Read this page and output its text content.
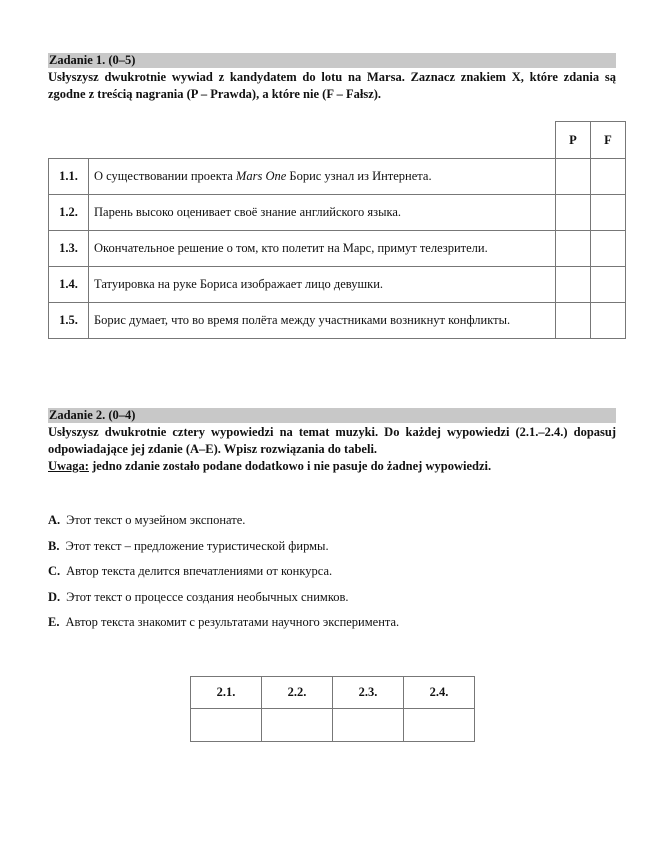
Zadanie 1. (0–5)

Usłyszysz dwukrotnie wywiad z kandydatem do lotu na Marsa. Zaznacz znakiem X, które zdania są zgodne z treścią nagrania (P – Prawda), a które nie (F – Fałsz).

		P	F
1.1.	О существовании проекта Mars One Борис узнал из Интернета.		
1.2.	Парень высоко оценивает своё знание английского языка.		
1.3.	Окончательное решение о том, кто полетит на Марс, примут телезрители.		
1.4.	Татуировка на руке Бориса изображает лицо девушки.		
1.5.	Борис думает, что во время полёта между участниками возникнут конфликты.		
Zadanie 2. (0–4)

Usłyszysz dwukrotnie cztery wypowiedzi na temat muzyki. Do każdej wypowiedzi (2.1.–2.4.) dopasuj odpowiadające jej zdanie (A–E). Wpisz rozwiązania do tabeli.

Uwaga: jedno zdanie zostało podane dodatkowo i nie pasuje do żadnej wypowiedzi.

A. Этот текст о музейном экспонате.
B. Этот текст – предложение туристической фирмы.
C. Автор текста делится впечатлениями от конкурса.
D. Этот текст о процессе создания необычных снимков.
E. Автор текста знакомит с результатами научного эксперимента.
2.1.	2.2.	2.3.	2.4.
